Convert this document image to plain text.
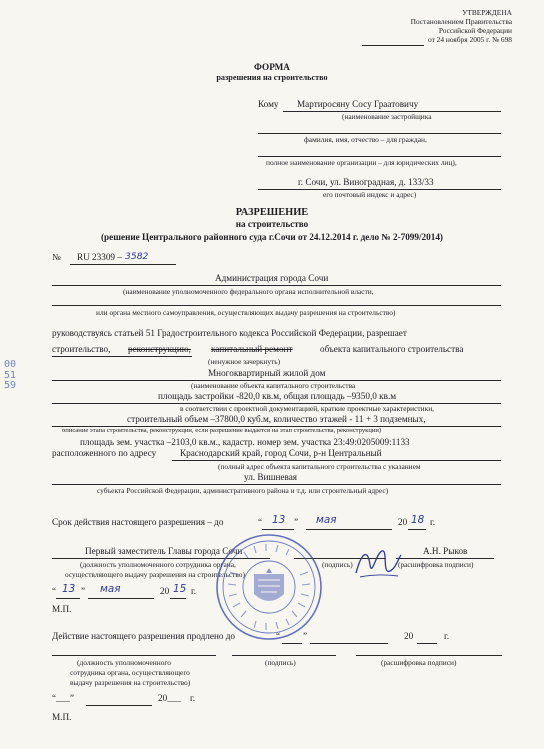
УТВЕРЖДЕНА
Постановлением Правительства
Российской Федерации
от 24 ноября 2005 г. № 698
ФОРМА
разрешения на строительство
Кому Мартиросяну Сосу Граатовичу
(наименование застройщика
фамилия, имя, отчество – для граждан,
полное наименование организации – для юридических лиц),
г. Сочи, ул. Виноградная, д. 133/33
его почтовый индекс и адрес)
РАЗРЕШЕНИЕ
на строительство
(решение Центрального районного суда г.Сочи от 24.12.2014 г. дело № 2-7099/2014)
№ RU 23309 – 3582
Администрация города Сочи
(наименование уполномоченного федерального органа исполнительной власти,
или органа местного самоуправления, осуществляющих выдачу разрешения на строительство)
руководствуясь статьей 51 Градостроительного кодекса Российской Федерации, разрешает
строительство, реконструкцию, капитальный ремонт	объекта капитального строительства
(ненужное зачеркнуть)
Многоквартирный жилой дом
(наименование объекта капитального строительства
площадь застройки -820,0 кв.м, общая площадь –9350,0 кв.м
в соответствии с проектной документацией, краткие проектные характеристики,
строительный объем –37800,0 куб.м, количество этажей - 11 + 3 подземных,
описание этапа строительства, реконструкции, если разрешение выдается на этап строительства, реконструкции)
площадь зем. участка –2103,0 кв.м., кадастр. номер зем. участка 23:49:0205009:1133
расположенного по адресу	Краснодарский край, город Сочи, р-н Центральный
(полный адрес объекта капитального строительства с указанием
ул. Вишневая
субъекта Российской Федерации, административного района и т.д. или строительный адрес)
Срок действия настоящего разрешения – до	“ 13 ” мая	20 18 г.
Первый заместитель Главы города Сочи	А.Н. Рыков
(должность уполномоченного сотрудника органа,
осуществляющего выдачу разрешения на строительство)
(подпись)	(расшифровка подписи)
“ 13 ” мая	20 15 г.
М.П.
Действие настоящего разрешения продлено до	“ ”	20	г.
(должность уполномоченного
сотрудника органа, осуществляющего
выдачу разрешения на строительство)
(подпись)	(расшифровка подписи)
“___”	20___ г.
М.П.
005159
